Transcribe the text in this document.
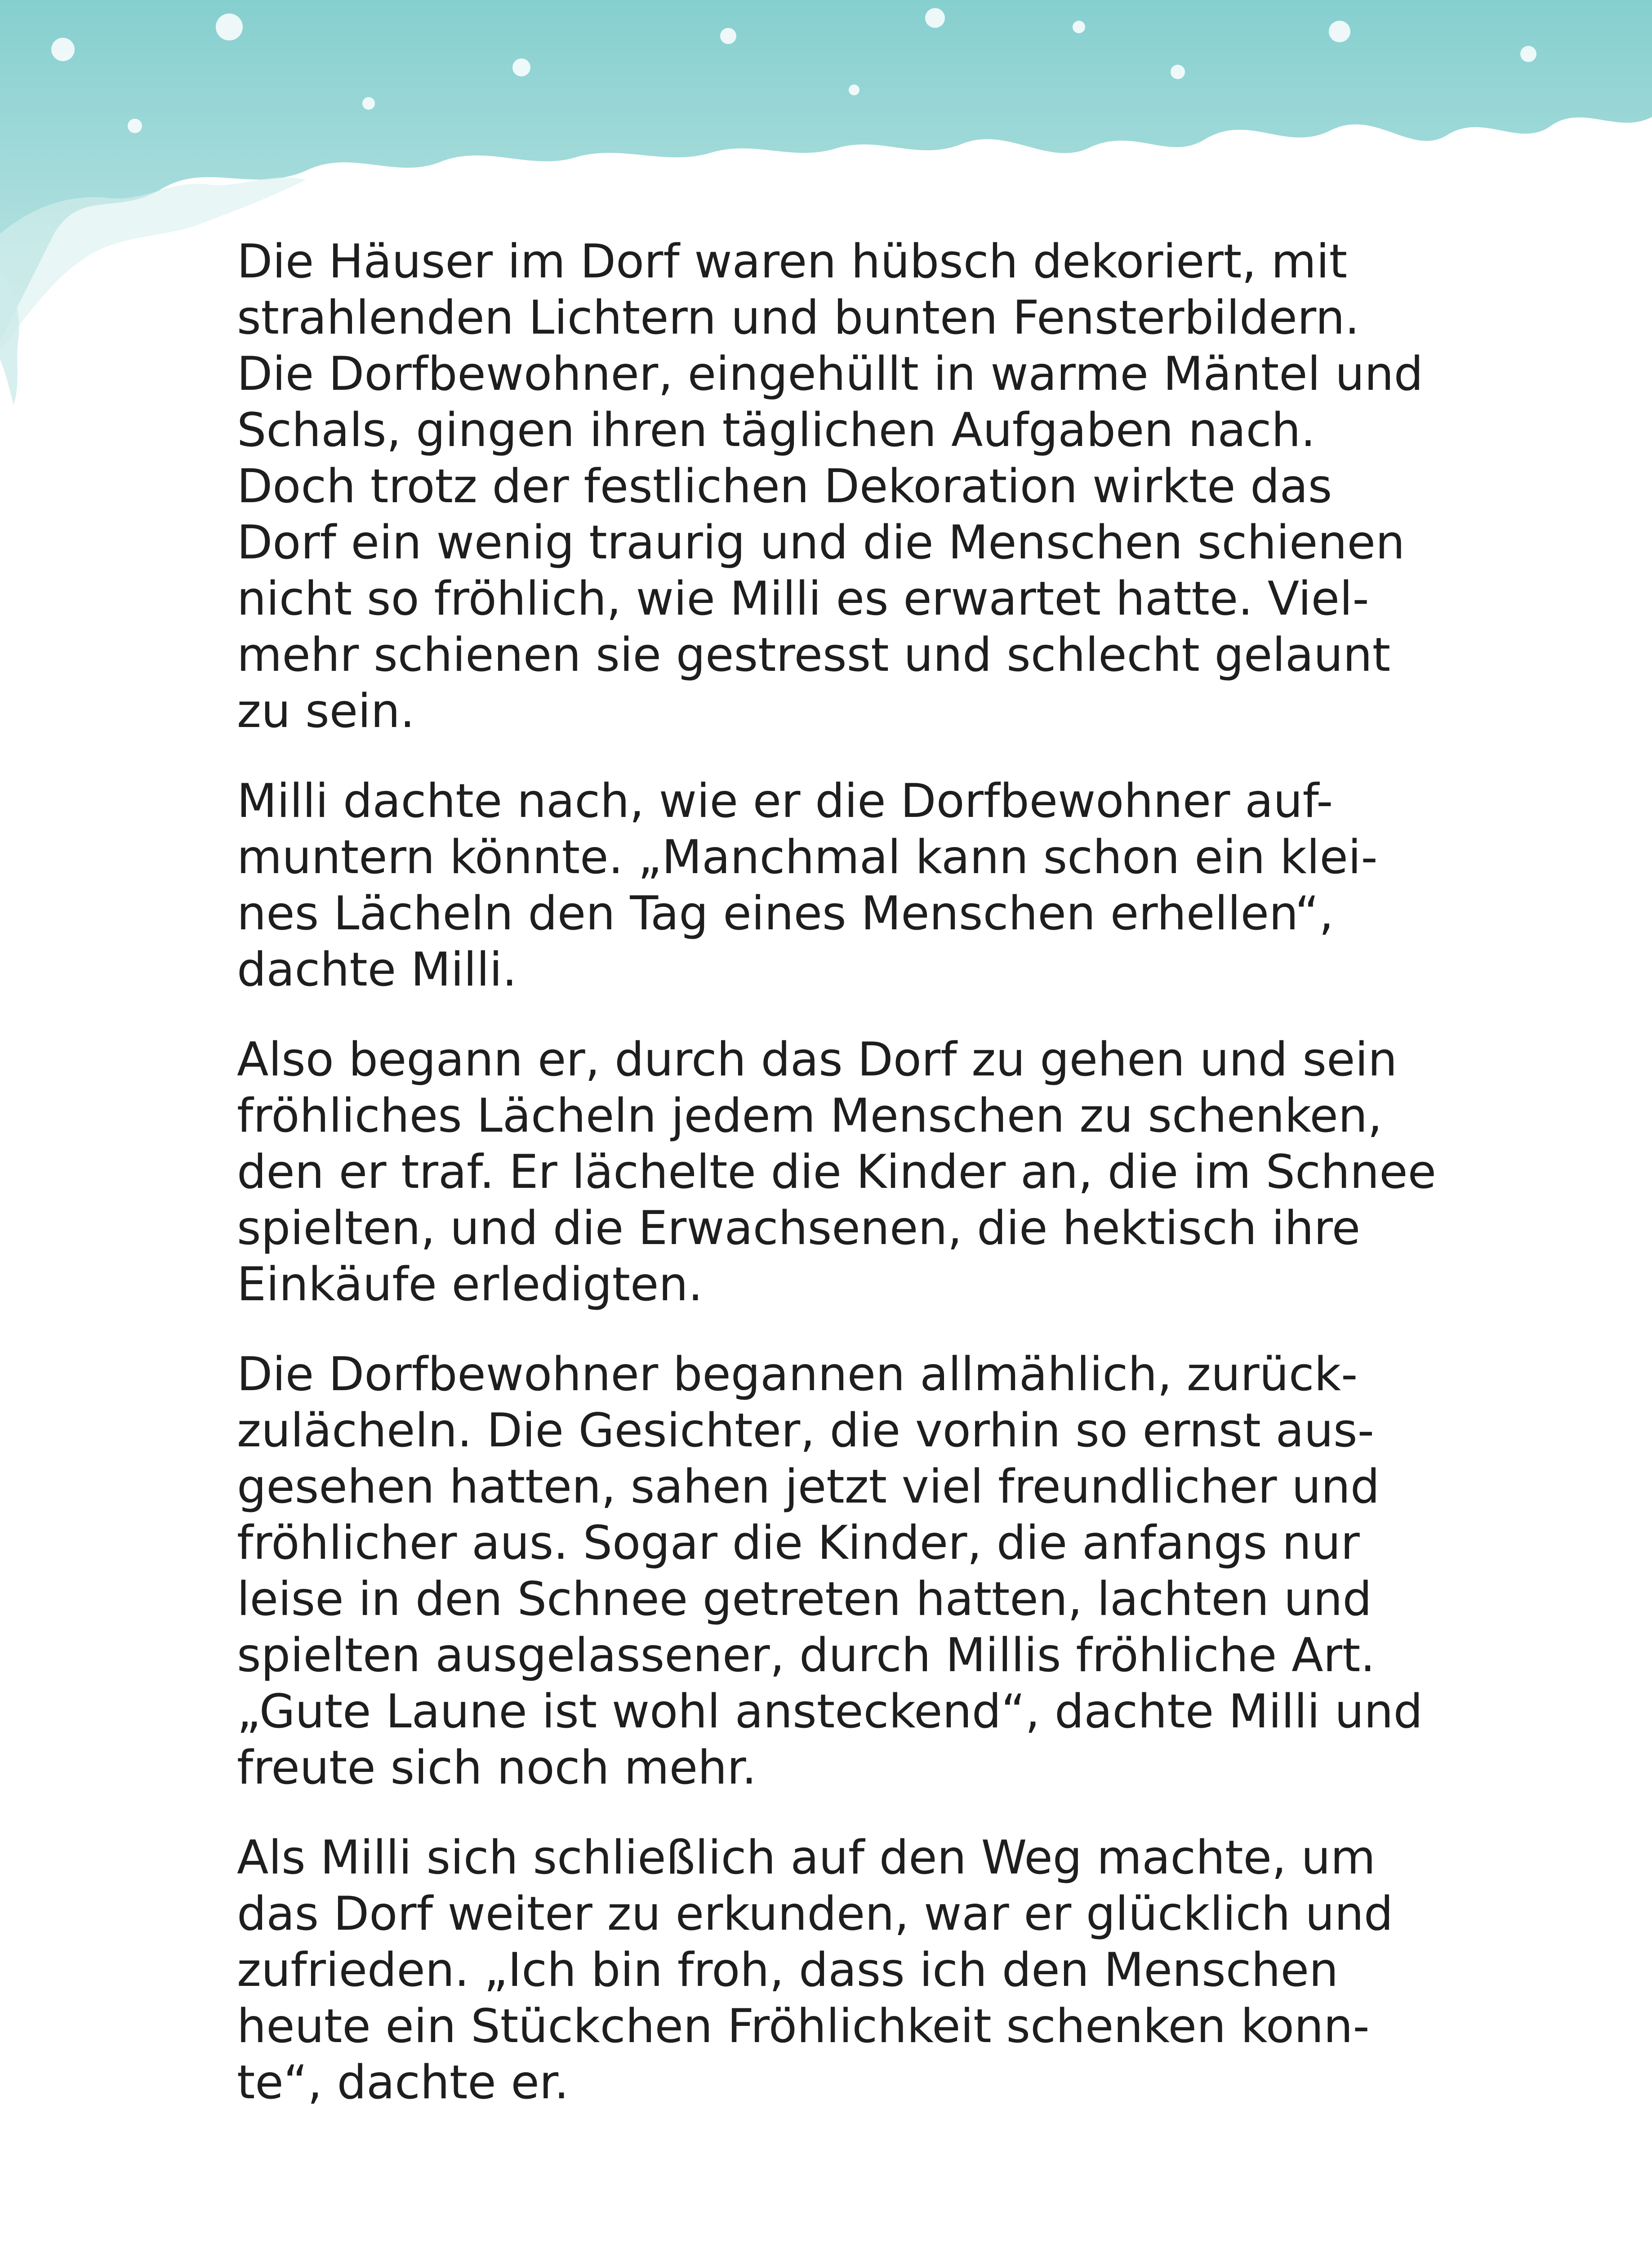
Die Häuser im Dorf waren hübsch dekoriert, mit
strahlenden Lichtern und bunten Fensterbildern.
Die Dorfbewohner, eingehüllt in warme Mäntel und
Schals, gingen ihren täglichen Aufgaben nach.
Doch trotz der festlichen Dekoration wirkte das
Dorf ein wenig traurig und die Menschen schienen
nicht so fröhlich, wie Milli es erwartet hatte. Viel-
mehr schienen sie gestresst und schlecht gelaunt
zu sein.

Milli dachte nach, wie er die Dorfbewohner auf-
muntern könnte. „Manchmal kann schon ein klei-
nes Lächeln den Tag eines Menschen erhellen“,
dachte Milli.

Also begann er, durch das Dorf zu gehen und sein
fröhliches Lächeln jedem Menschen zu schenken,
den er traf. Er lächelte die Kinder an, die im Schnee
spielten, und die Erwachsenen, die hektisch ihre
Einkäufe erledigten.

Die Dorfbewohner begannen allmählich, zurück-
zulächeln. Die Gesichter, die vorhin so ernst aus-
gesehen hatten, sahen jetzt viel freundlicher und
fröhlicher aus. Sogar die Kinder, die anfangs nur
leise in den Schnee getreten hatten, lachten und
spielten ausgelassener, durch Millis fröhliche Art.
„Gute Laune ist wohl ansteckend“, dachte Milli und
freute sich noch mehr.

Als Milli sich schließlich auf den Weg machte, um
das Dorf weiter zu erkunden, war er glücklich und
zufrieden. „Ich bin froh, dass ich den Menschen
heute ein Stückchen Fröhlichkeit schenken konn-
te“, dachte er.
